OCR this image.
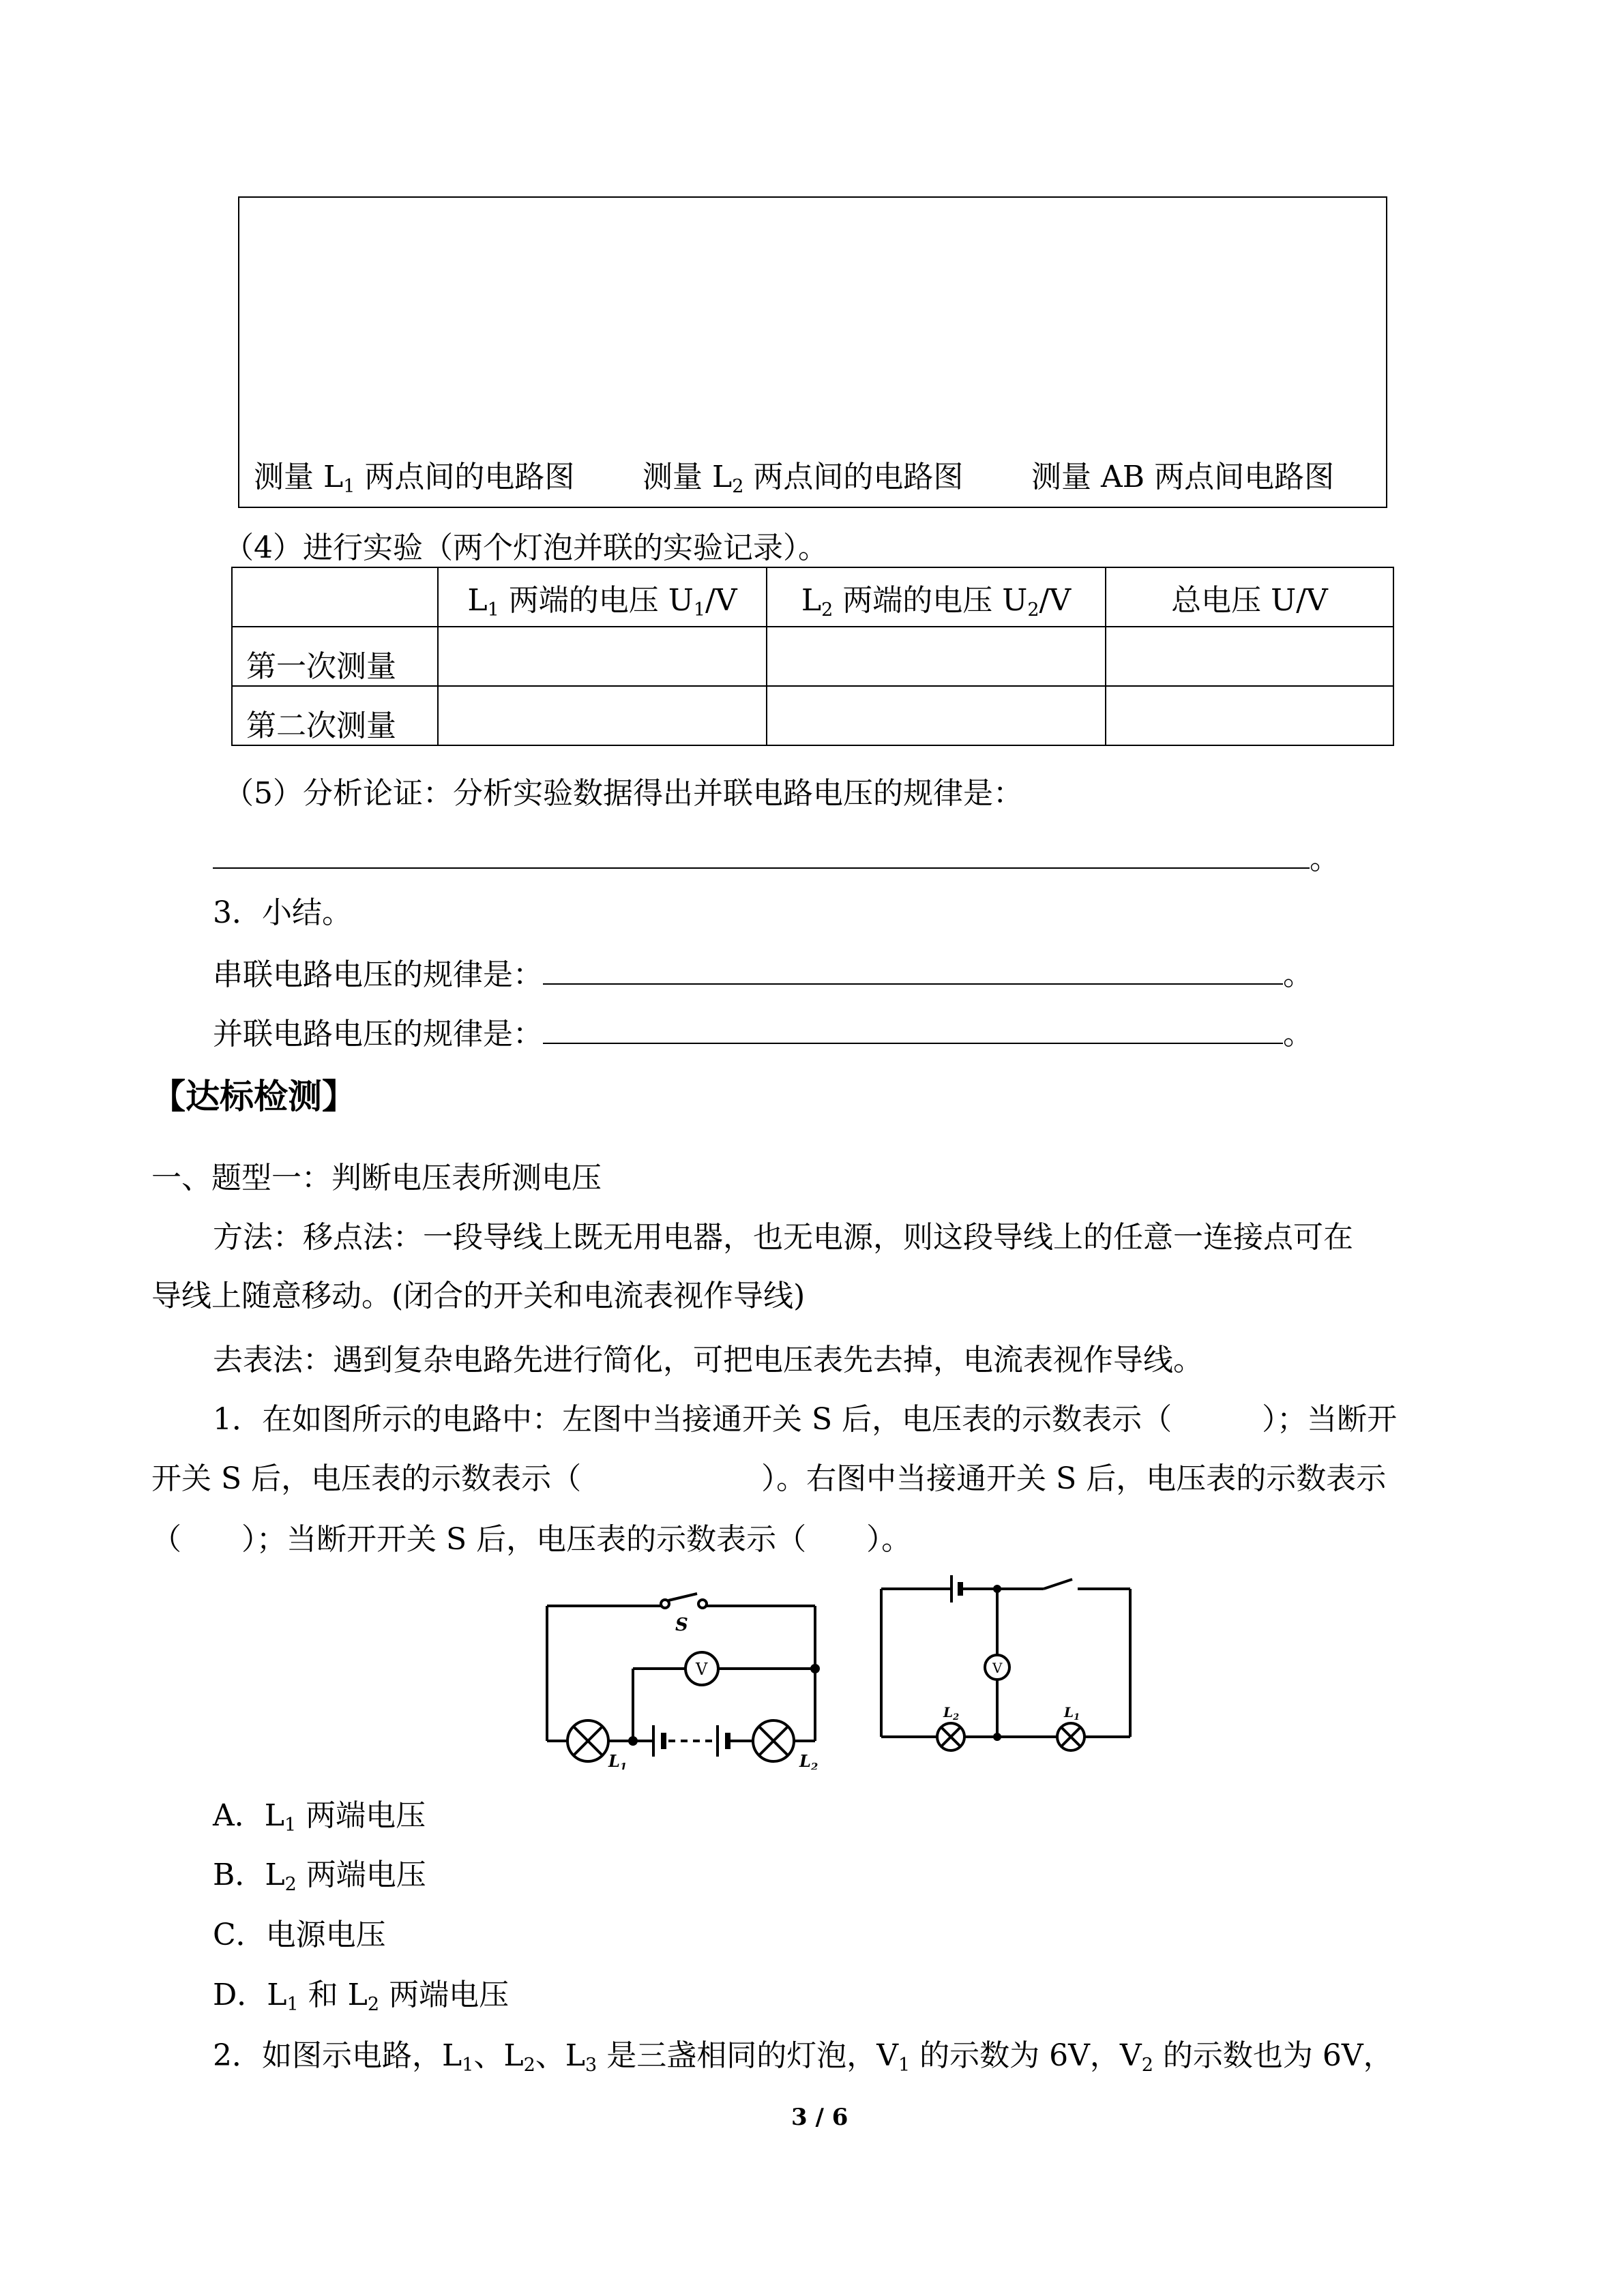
测量 $L_1$ 两点间的电路图 测量 $L_2$ 两点间的电路图 测量 AB 两点间电路图
（4）进行实验（两个灯泡并联的实验记录）。
	$L_1$ 两端的电压 $U_1/V$	$L_2$ 两端的电压 $U_2/V$	总电压 U/V
第一次测量			
第二次测量			
（5）分析论证：分析实验数据得出并联电路电压的规律是：
。
3．小结。
串联电路电压的规律是：	。
并联电路电压的规律是：	。
【达标检测】
一、题型一：判断电压表所测电压
方法：移点法：一段导线上既无用电器，也无电源，则这段导线上的任意一连接点可在
导线上随意移动。(闭合的开关和电流表视作导线)
去表法：遇到复杂电路先进行简化，可把电压表先去掉，电流表视作导线。
1．在如图所示的电路中：左图中当接通开关 S 后，电压表的示数表示（　　　）；当断开
开关 S 后，电压表的示数表示（　　　　　　）。右图中当接通开关 S 后，电压表的示数表示
（　　）；当断开开关 S 后，电压表的示数表示（　　）。
S
V
$L_1$	$L_2$
V
$L_2$	$L_1$
A．$L_1$ 两端电压
B．$L_2$ 两端电压
C．电源电压
D．$L_1$ 和 $L_2$ 两端电压
2．如图示电路，$L_1$、$L_2$、$L_3$ 是三盏相同的灯泡，$V_1$ 的示数为 6V，$V_2$ 的示数也为 6V，
3 / 6
